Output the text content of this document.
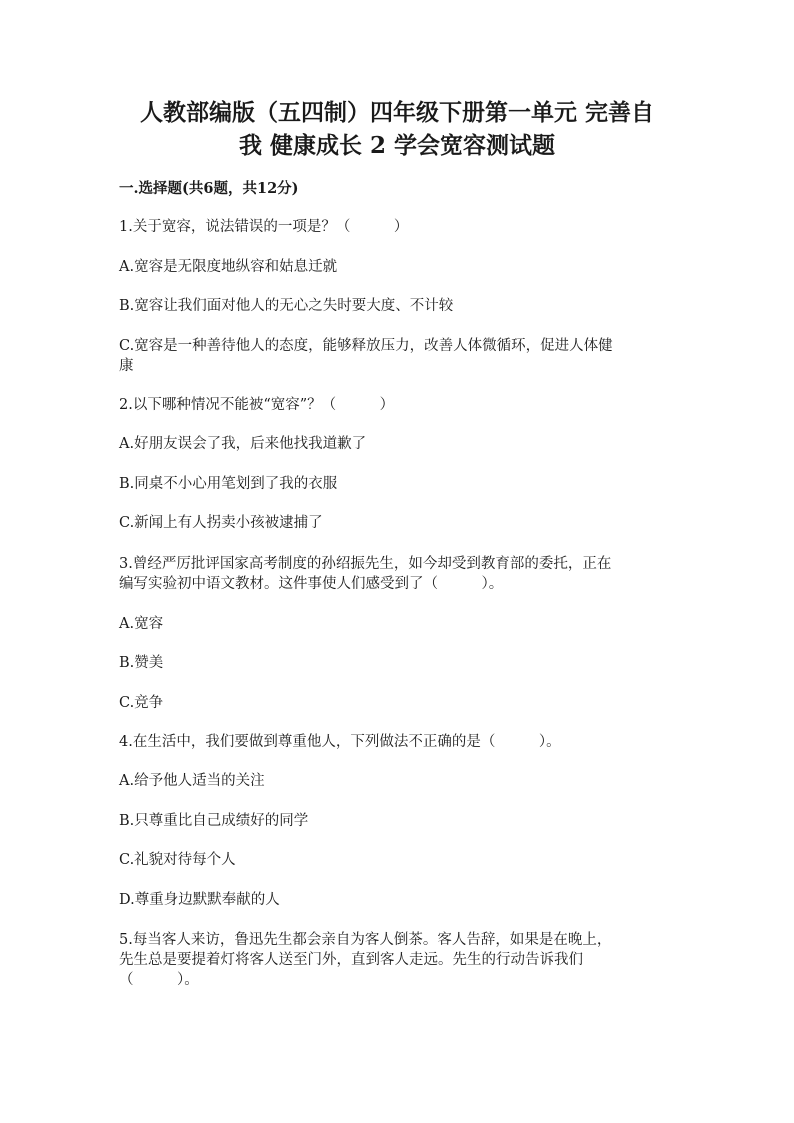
人教部编版（五四制）四年级下册第一单元 完善自
我 健康成长 2 学会宽容测试题

一.选择题(共6题，共12分)

1.关于宽容，说法错误的一项是？（　　　）

A.宽容是无限度地纵容和姑息迁就

B.宽容让我们面对他人的无心之失时要大度、不计较

C.宽容是一种善待他人的态度，能够释放压力，改善人体微循环，促进人体健

康

2.以下哪种情况不能被“宽容”？（　　　）

A.好朋友误会了我，后来他找我道歉了

B.同桌不小心用笔划到了我的衣服

C.新闻上有人拐卖小孩被逮捕了

3.曾经严厉批评国家高考制度的孙绍振先生，如今却受到教育部的委托，正在

编写实验初中语文教材。这件事使人们感受到了（　　　）。

A.宽容

B.赞美

C.竞争

4.在生活中，我们要做到尊重他人，下列做法不正确的是（　　　）。

A.给予他人适当的关注

B.只尊重比自己成绩好的同学

C.礼貌对待每个人

D.尊重身边默默奉献的人

5.每当客人来访，鲁迅先生都会亲自为客人倒茶。客人告辞，如果是在晚上，

先生总是要提着灯将客人送至门外，直到客人走远。先生的行动告诉我们

（　　　）。
